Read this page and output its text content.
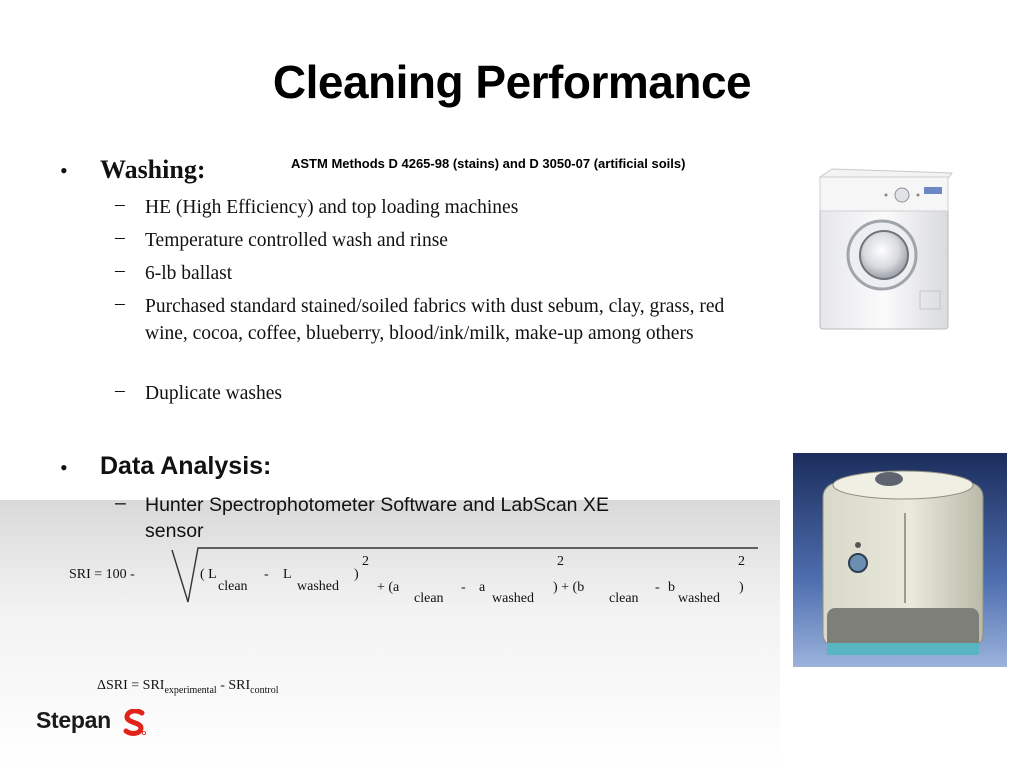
Cleaning Performance
ASTM Methods D 4265-98 (stains) and D 3050-07 (artificial soils)
• Washing:
– HE (High Efficiency) and top loading machines
– Temperature controlled wash and rinse
– 6-lb ballast
– Purchased standard stained/soiled fabrics with dust sebum, clay, grass, red wine, cocoa, coffee, blueberry, blood/ink/milk, make-up among others
– Duplicate washes
• Data Analysis:
– Hunter Spectrophotometer Software and LabScan XE sensor
SRI = 100 -	( L
clean
- L
washed
)
2
+ (a
clean
- a
washed
2
) + (b
clean
- b
washed
2
)
$\Delta SRI = SRI_{experimental} - SRI_{control}$
Stepan
